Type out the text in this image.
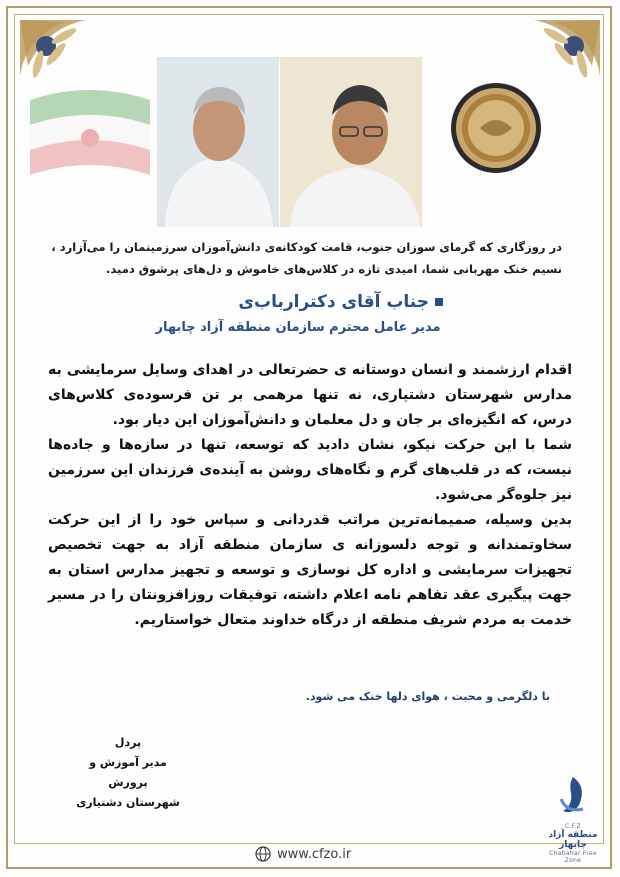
در روزگاری که گرمای سوزان جنوب، قامت کودکانه‌ی دانش‌آموزان سرزمینمان را می‌آزارد ،
نسیم خنک مهربانی شما، امیدی تازه در کلاس‌های خاموش و دل‌های پرشوق دمید.
جناب آقای دکترارباب‌ی
مدیر عامل محترم سازمان منطقه آزاد چابهار
اقدام ارزشمند و انسان دوستانه ی حضرتعالی در اهدای وسایل سرمایشی به مدارس شهرستان دشتیاری، نه تنها مرهمی بر تن فرسوده‌ی کلاس‌های درس، که انگیزه‌ای بر جان و دل معلمان و دانش‌آموزان این دیار بود.
شما با این حرکت نیکو، نشان دادید که توسعه، تنها در سازه‌ها و جاده‌ها نیست، که در قلب‌های گرم و نگاه‌های روشن به آینده‌ی فرزندان این سرزمین نیز جلوه‌گر می‌شود.
بدین وسیله، صمیمانه‌ترین مراتب قدردانی و سپاس خود را از این حرکت سخاوتمندانه و توجه دلسوزانه ی سازمان منطقه آزاد به جهت تخصیص تجهیزات سرمایشی و اداره کل نوسازی و توسعه و تجهیز مدارس استان به جهت پیگیری عقد تفاهم نامه اعلام داشته، توفیقات روزافزونتان را در مسیر خدمت به مردم شریف منطقه از درگاه خداوند متعال خواستاریم.
با دلگرمی و محبت ، هوای دلها خنک می شود.
پردل
مدیر آموزش و پرورش
شهرستان دشتیاری
www.cfzo.ir
C.F.Z
منطقه آزاد چابهار
Chabahar Free Zone
